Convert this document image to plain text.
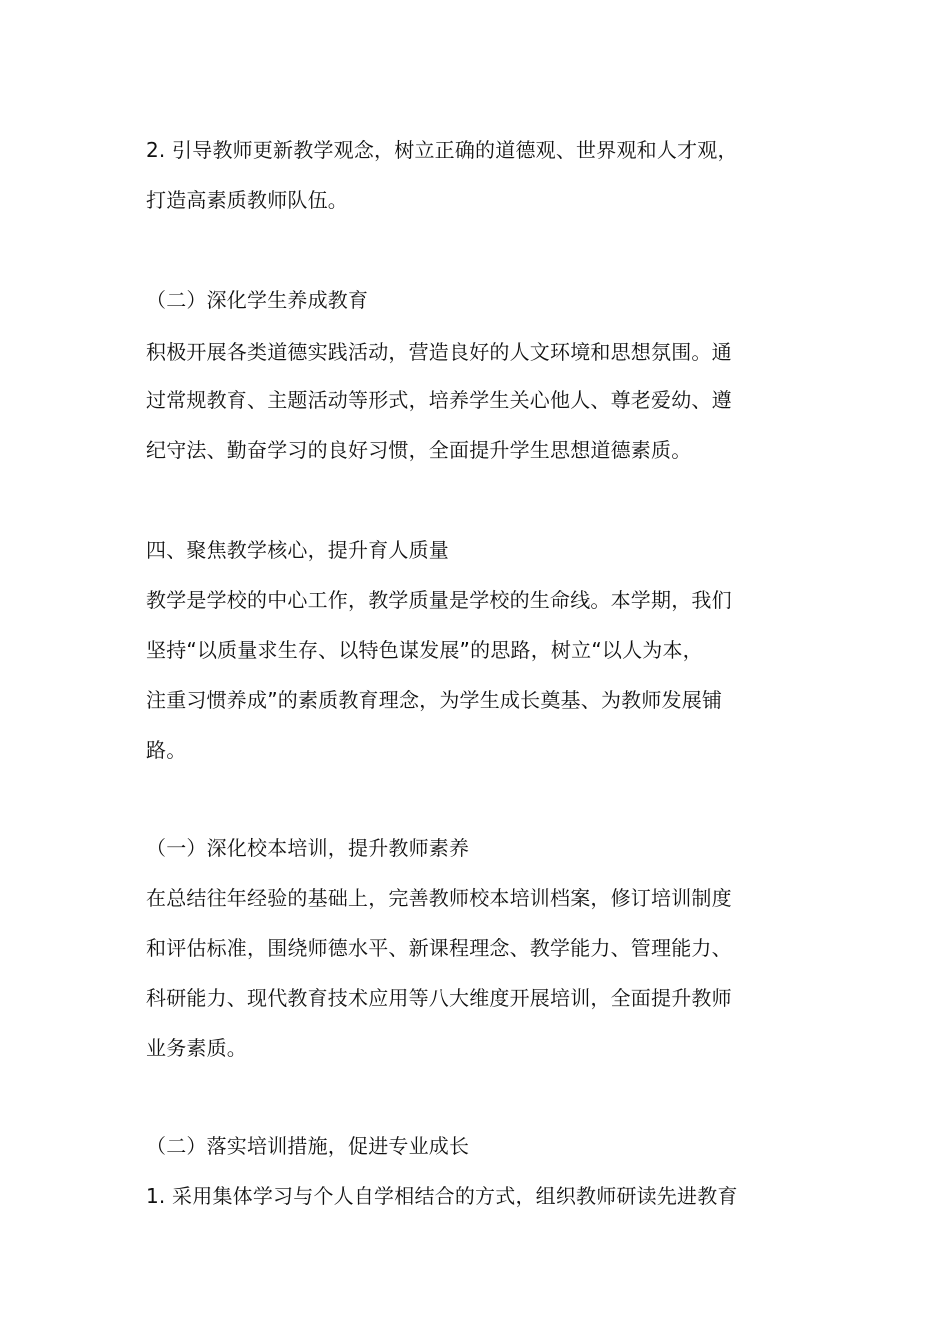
2. 引导教师更新教学观念，树立正确的道德观、世界观和人才观，
打造高素质教师队伍。
（二）深化学生养成教育
积极开展各类道德实践活动，营造良好的人文环境和思想氛围。通
过常规教育、主题活动等形式，培养学生关心他人、尊老爱幼、遵
纪守法、勤奋学习的良好习惯，全面提升学生思想道德素质。
四、聚焦教学核心，提升育人质量
教学是学校的中心工作，教学质量是学校的生命线。本学期，我们
坚持“以质量求生存、以特色谋发展”的思路，树立“以人为本，
注重习惯养成”的素质教育理念，为学生成长奠基、为教师发展铺
路。
（一）深化校本培训，提升教师素养
在总结往年经验的基础上，完善教师校本培训档案，修订培训制度
和评估标准，围绕师德水平、新课程理念、教学能力、管理能力、
科研能力、现代教育技术应用等八大维度开展培训，全面提升教师
业务素质。
（二）落实培训措施，促进专业成长
1. 采用集体学习与个人自学相结合的方式，组织教师研读先进教育
